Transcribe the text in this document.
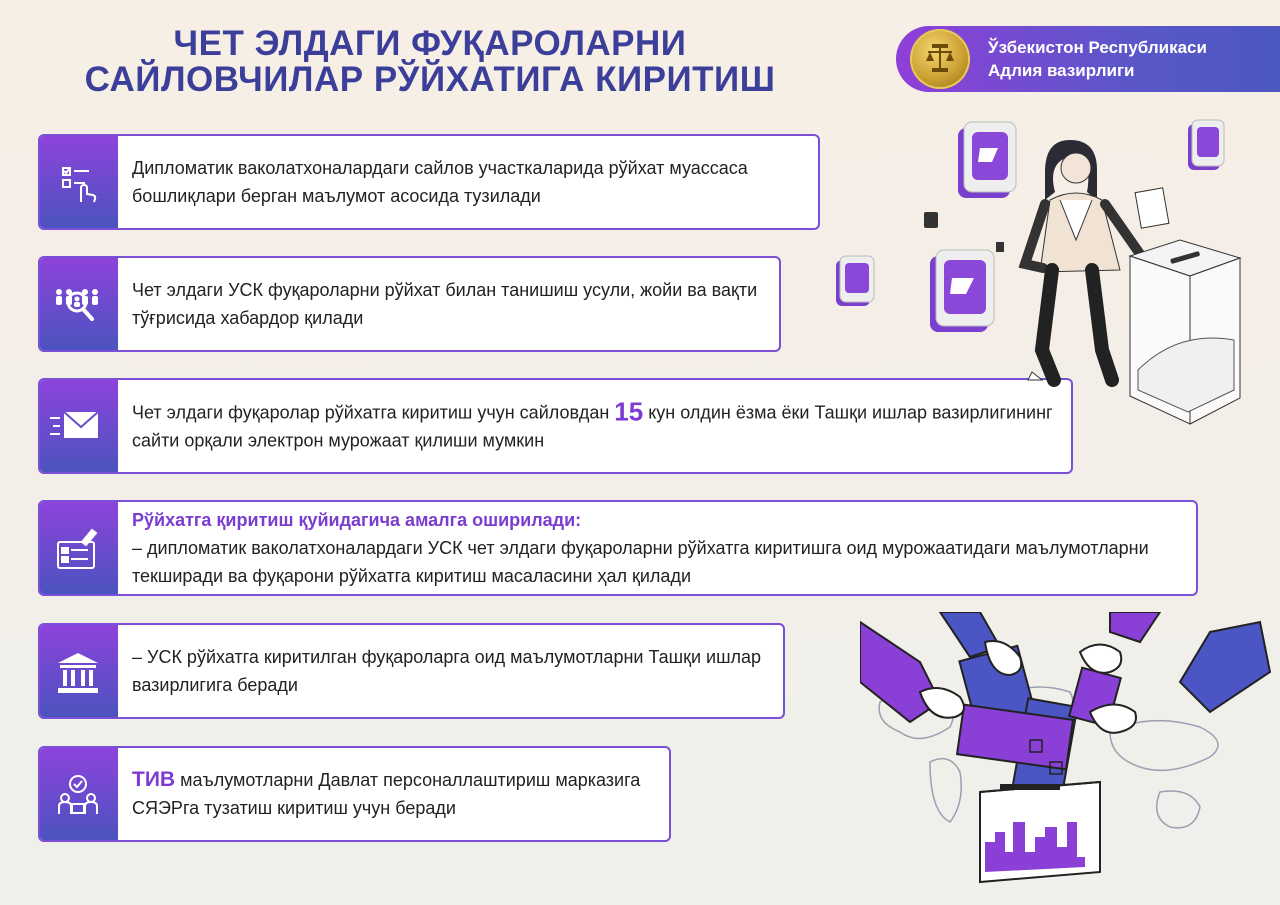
ЧЕТ ЭЛДАГИ ФУҚАРОЛАРНИ
САЙЛОВЧИЛАР РЎЙХАТИГА КИРИТИШ
Ўзбекистон Республикаси
Адлия вазирлиги
Дипломатик ваколатхоналардаги сайлов участкаларида рўйхат муассаса бошлиқлари берган маълумот асосида тузилади
Чет элдаги УСК фуқароларни рўйхат билан танишиш усули, жойи ва вақти тўғрисида хабардор қилади
Чет элдаги фуқаролар рўйхатга киритиш учун сайловдан 15 кун олдин ёзма ёки Ташқи ишлар вазирлигининг сайти орқали электрон мурожаат қилиши мумкин
Рўйхатга қиритиш қуйидагича амалга оширилади:
– дипломатик ваколатхоналардаги УСК чет элдаги фуқароларни рўйхатга киритишга оид мурожаатидаги маълумотларни текширади ва фуқарони рўйхатга киритиш масаласини ҳал қилади
– УСК рўйхатга киритилган фуқароларга оид маълумотларни Ташқи ишлар вазирлигига беради
ТИВ маълумотларни Давлат персоналлаштириш марказига СЯЭРга тузатиш киритиш учун беради
